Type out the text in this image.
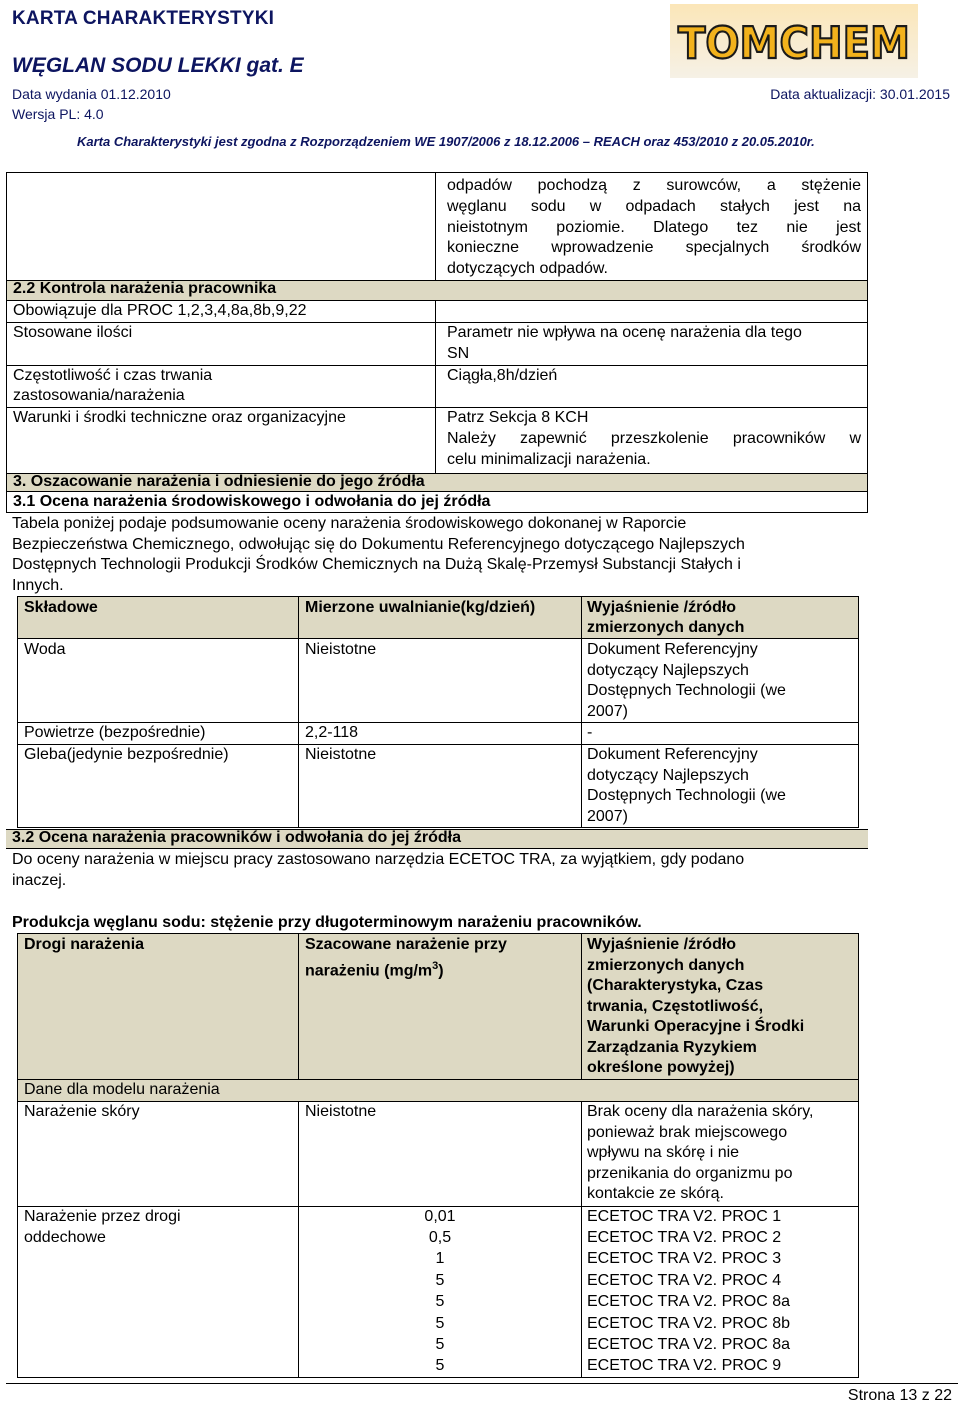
KARTA CHARAKTERYSTYKI
WĘGLAN SODU LEKKI gat. E
Data wydania 01.12.2010	Data aktualizacji: 30.01.2015
Wersja PL: 4.0
Karta Charakterystyki jest zgodna z Rozporządzeniem WE 1907/2006 z 18.12.2006 – REACH oraz 453/2010 z 20.05.2010r.
TOMCHEM
odpadów pochodzą z surowców, a stężenie
węglanu sodu w odpadach stałych jest na
nieistotnym poziomie. Dlatego tez nie jest
konieczne wprowadzenie specjalnych środków
dotyczących odpadów.
2.2 Kontrola narażenia pracownika
Obowiązuje dla PROC 1,2,3,4,8a,8b,9,22
Stosowane ilości	Parametr nie wpływa na ocenę narażenia dla tego
SN
Częstotliwość i czas trwania
zastosowania/narażenia
Ciągła,8h/dzień
Warunki i środki techniczne oraz organizacyjne	Patrz Sekcja 8 KCH
Należy zapewnić przeszkolenie pracowników w
celu minimalizacji narażenia.
3. Oszacowanie narażenia i odniesienie do jego źródła
3.1 Ocena narażenia środowiskowego i odwołania do jej źródła
Tabela poniżej podaje podsumowanie oceny narażenia środowiskowego dokonanej w Raporcie
Bezpieczeństwa Chemicznego, odwołując się do Dokumentu Referencyjnego dotyczącego Najlepszych
Dostępnych Technologii Produkcji Środków Chemicznych na Dużą Skalę-Przemysł Substancji Stałych i
Innych.
Składowe	Mierzone uwalnianie(kg/dzień)	Wyjaśnienie /źródło
zmierzonych danych
Woda	Nieistotne	Dokument Referencyjny
dotyczący Najlepszych
Dostępnych Technologii (we
2007)
Powietrze (bezpośrednie)	2,2-118	-
Gleba(jedynie bezpośrednie)	Nieistotne	Dokument Referencyjny
dotyczący Najlepszych
Dostępnych Technologii (we
2007)
3.2 Ocena narażenia pracowników i odwołania do jej źródła
Do oceny narażenia w miejscu pracy zastosowano narzędzia ECETOC TRA, za wyjątkiem, gdy podano
inaczej.
Produkcja węglanu sodu: stężenie przy długoterminowym narażeniu pracowników.
Drogi narażenia	Szacowane narażenie przy
narażeniu $(mg/m^3)$
Wyjaśnienie /źródło
zmierzonych danych
(Charakterystyka, Czas
trwania, Częstotliwość,
Warunki Operacyjne i Środki
Zarządzania Ryzykiem
określone powyżej)
Dane dla modelu narażenia
Narażenie skóry	Nieistotne	Brak oceny dla narażenia skóry,
ponieważ brak miejscowego
wpływu na skórę i nie
przenikania do organizmu po
kontakcie ze skórą.
Narażenie przez drogi
oddechowe
0,01	ECETOC TRA V2. PROC 1
0,5	ECETOC TRA V2. PROC 2
1	ECETOC TRA V2. PROC 3
5	ECETOC TRA V2. PROC 4
5	ECETOC TRA V2. PROC 8a
5	ECETOC TRA V2. PROC 8b
5	ECETOC TRA V2. PROC 8a
5	ECETOC TRA V2. PROC 9
Strona 13 z 22
